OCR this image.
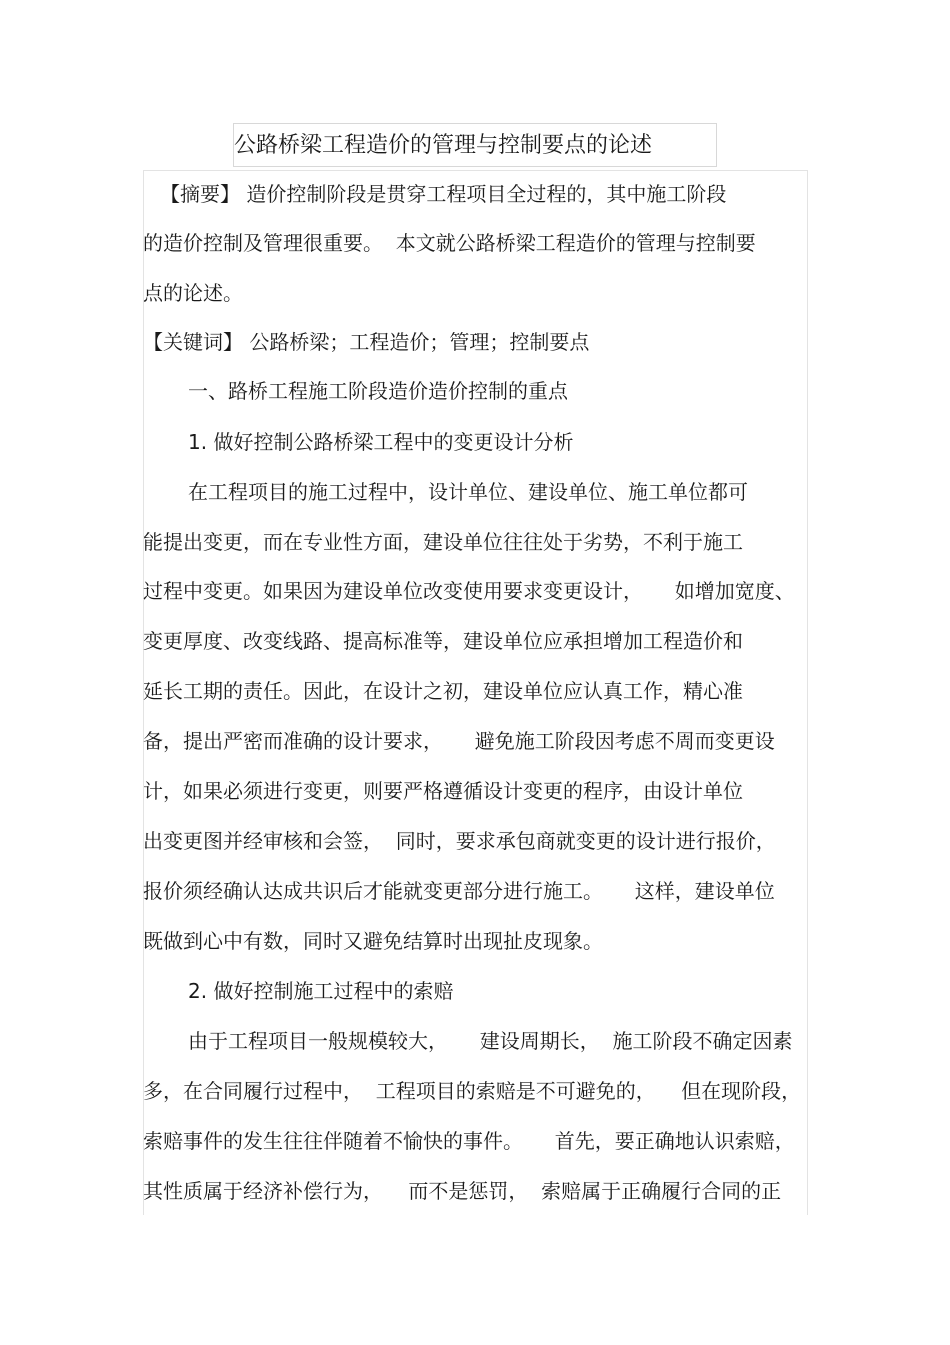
公路桥梁工程造价的管理与控制要点的论述
【摘要】 造价控制阶段是贯穿工程项目全过程的，其中施工阶段
的造价控制及管理很重要。  本文就公路桥梁工程造价的管理与控制要
点的论述。
【关键词】 公路桥梁；工程造价；管理；控制要点
一、路桥工程施工阶段造价造价控制的重点
1. 做好控制公路桥梁工程中的变更设计分析
在工程项目的施工过程中，设计单位、建设单位、施工单位都可
能提出变更，而在专业性方面，建设单位往往处于劣势，不利于施工
过程中变更。如果因为建设单位改变使用要求变更设计，     如增加宽度、
变更厚度、改变线路、提高标准等，建设单位应承担增加工程造价和
延长工期的责任。因此，在设计之初，建设单位应认真工作，精心准
备，提出严密而准确的设计要求，     避免施工阶段因考虑不周而变更设
计，如果必须进行变更，则要严格遵循设计变更的程序，由设计单位
出变更图并经审核和会签，  同时，要求承包商就变更的设计进行报价，
报价须经确认达成共识后才能就变更部分进行施工。     这样，建设单位
既做到心中有数，同时又避免结算时出现扯皮现象。
2. 做好控制施工过程中的索赔
由于工程项目一般规模较大，     建设周期长，  施工阶段不确定因素
多，在合同履行过程中，  工程项目的索赔是不可避免的，    但在现阶段，
索赔事件的发生往往伴随着不愉快的事件。     首先，要正确地认识索赔，
其性质属于经济补偿行为，    而不是惩罚，  索赔属于正确履行合同的正
